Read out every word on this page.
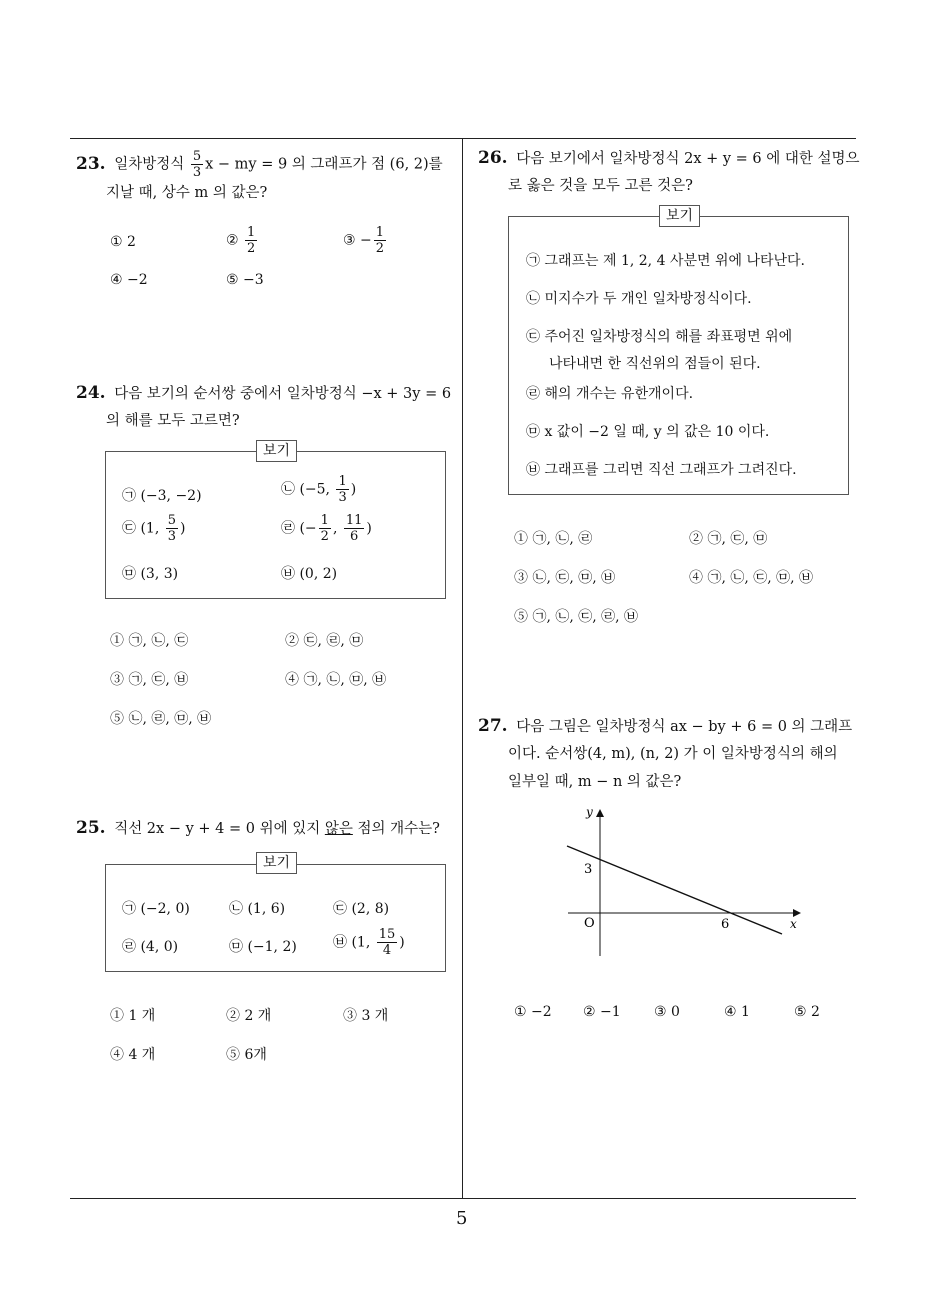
23. 일차방정식 $\frac{5}{3}$ x − my = 9 의 그래프가 점 (6, 2)를
지날 때, 상수 m 의 값은?
① 2	② $\frac{1}{2}$	③ − $\frac{1}{2}$
④ −2	⑤ −3
24. 다음 보기의 순서쌍 중에서 일차방정식 −x + 3y = 6
의 해를 모두 고르면?
보기
㉠ (−3, −2)	㉡ (−5, $\frac{1}{3}$ )
㉢ (1, $\frac{5}{3}$ )	㉣ (− $\frac{1}{2}$ , $\frac{11}{6}$ )
㉤ (3, 3)	㉥ (0, 2)
① ㉠, ㉡, ㉢	② ㉢, ㉣, ㉤
③ ㉠, ㉢, ㉥	④ ㉠, ㉡, ㉤, ㉥
⑤ ㉡, ㉣, ㉤, ㉥
25. 직선 2x − y + 4 = 0 위에 있지 않은 점의 개수는?
보기
㉠ (−2, 0)	㉡ (1, 6)	㉢ (2, 8)
㉣ (4, 0)	㉤ (−1, 2)	㉥ (1, $\frac{15}{4}$ )
① 1 개	② 2 개	③ 3 개
④ 4 개	⑤ 6개
26. 다음 보기에서 일차방정식 2x + y = 6 에 대한 설명으
로 옳은 것을 모두 고른 것은?
보기
㉠ 그래프는 제 1, 2, 4 사분면 위에 나타난다.
㉡ 미지수가 두 개인 일차방정식이다.
㉢ 주어진 일차방정식의 해를 좌표평면 위에
나타내면 한 직선위의 점들이 된다.
㉣ 해의 개수는 유한개이다.
㉤ x 값이 −2 일 때, y 의 값은 10 이다.
㉥ 그래프를 그리면 직선 그래프가 그려진다.
① ㉠, ㉡, ㉣	② ㉠, ㉢, ㉤
③ ㉡, ㉢, ㉤, ㉥	④ ㉠, ㉡, ㉢, ㉤, ㉥
⑤ ㉠, ㉡, ㉢, ㉣, ㉥
27. 다음 그림은 일차방정식 ax − by + 6 = 0 의 그래프
이다. 순서쌍(4, m), (n, 2) 가 이 일차방정식의 해의
일부일 때, m − n 의 값은?
y
x
O
3
6
① −2 ② −1 ③ 0	④ 1	⑤ 2
5
